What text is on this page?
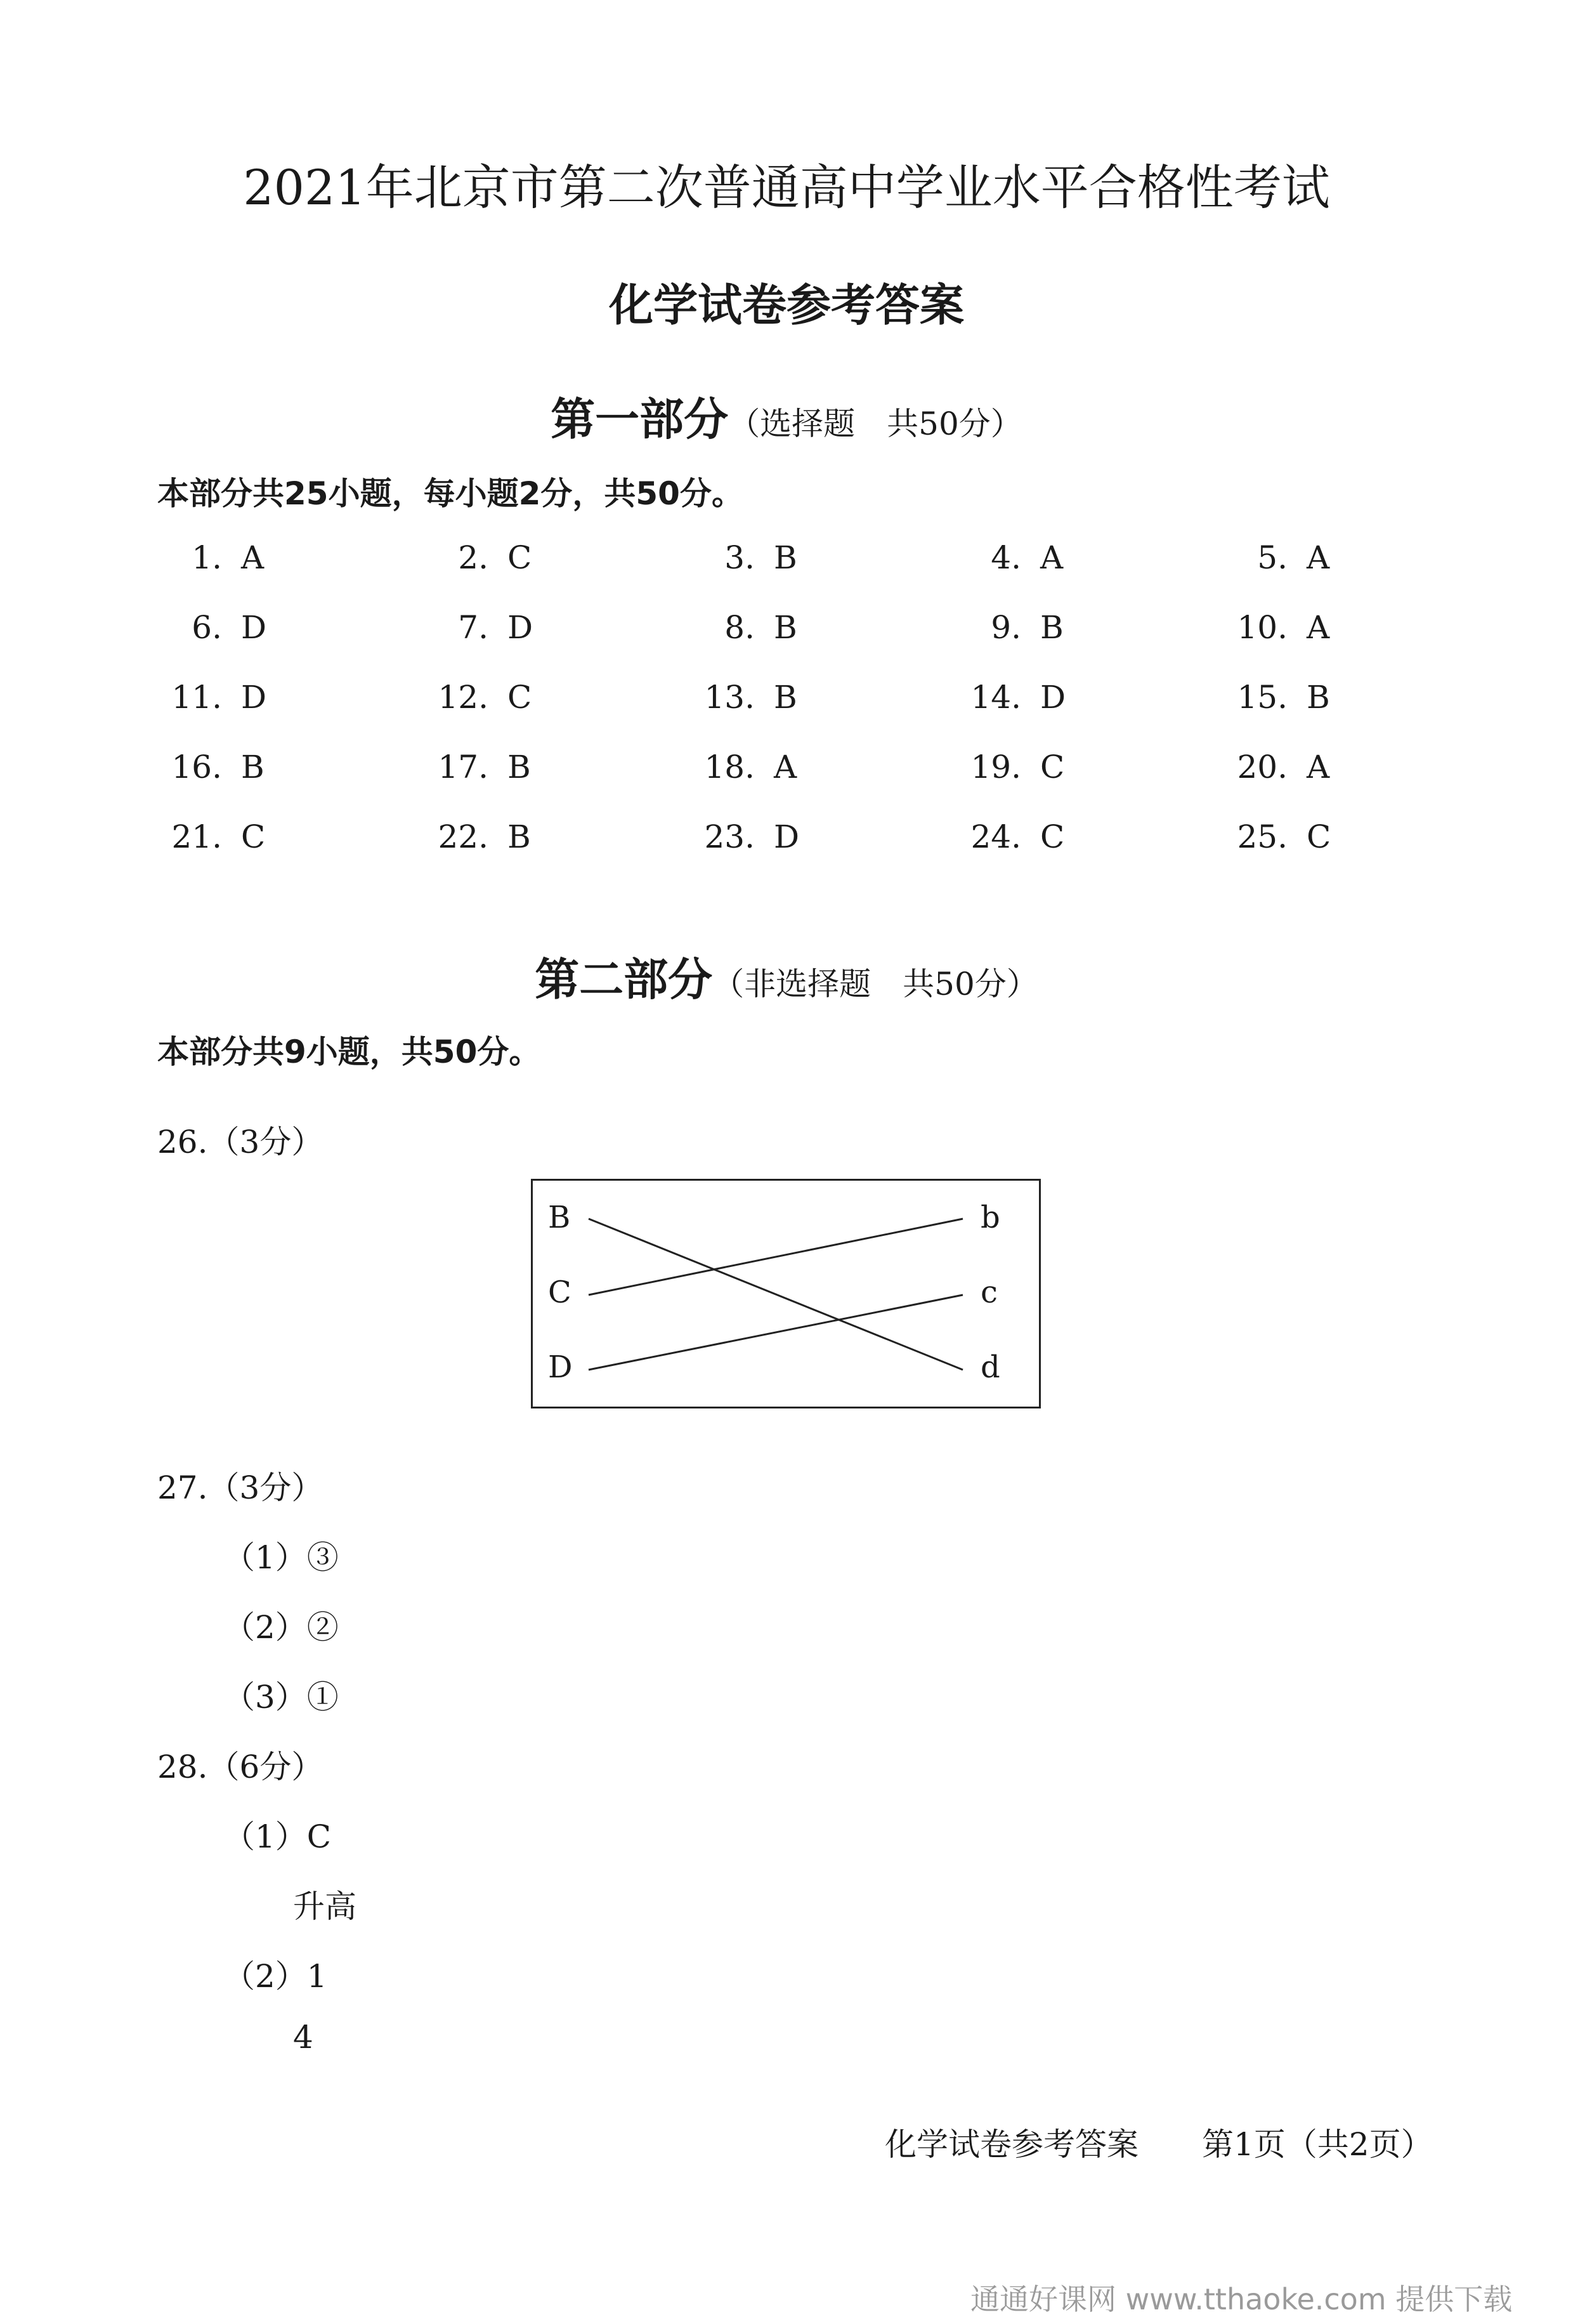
2021年北京市第二次普通高中学业水平合格性考试
化学试卷参考答案
第一部分（选择题　共50分）
本部分共25小题，每小题2分，共50分。
1. A	2. C	3. B	4. A	5. A
6. D	7. D	8. B	9. B	10. A
11. D	12. C	13. B	14. D	15. B
16. B	17. B	18. A	19. C	20. A
21. C	22. B	23. D	24. C	25. C
第二部分（非选择题　共50分）
本部分共9小题，共50分。
26.（3分）
B
C
D
b
c
d
27.（3分）
（1）③
（2）②
（3）①
28.（6分）
（1）C
升高
（2）1
4
化学试卷参考答案　　第1页（共2页）
通通好课网 www.tthaoke.com 提供下载
